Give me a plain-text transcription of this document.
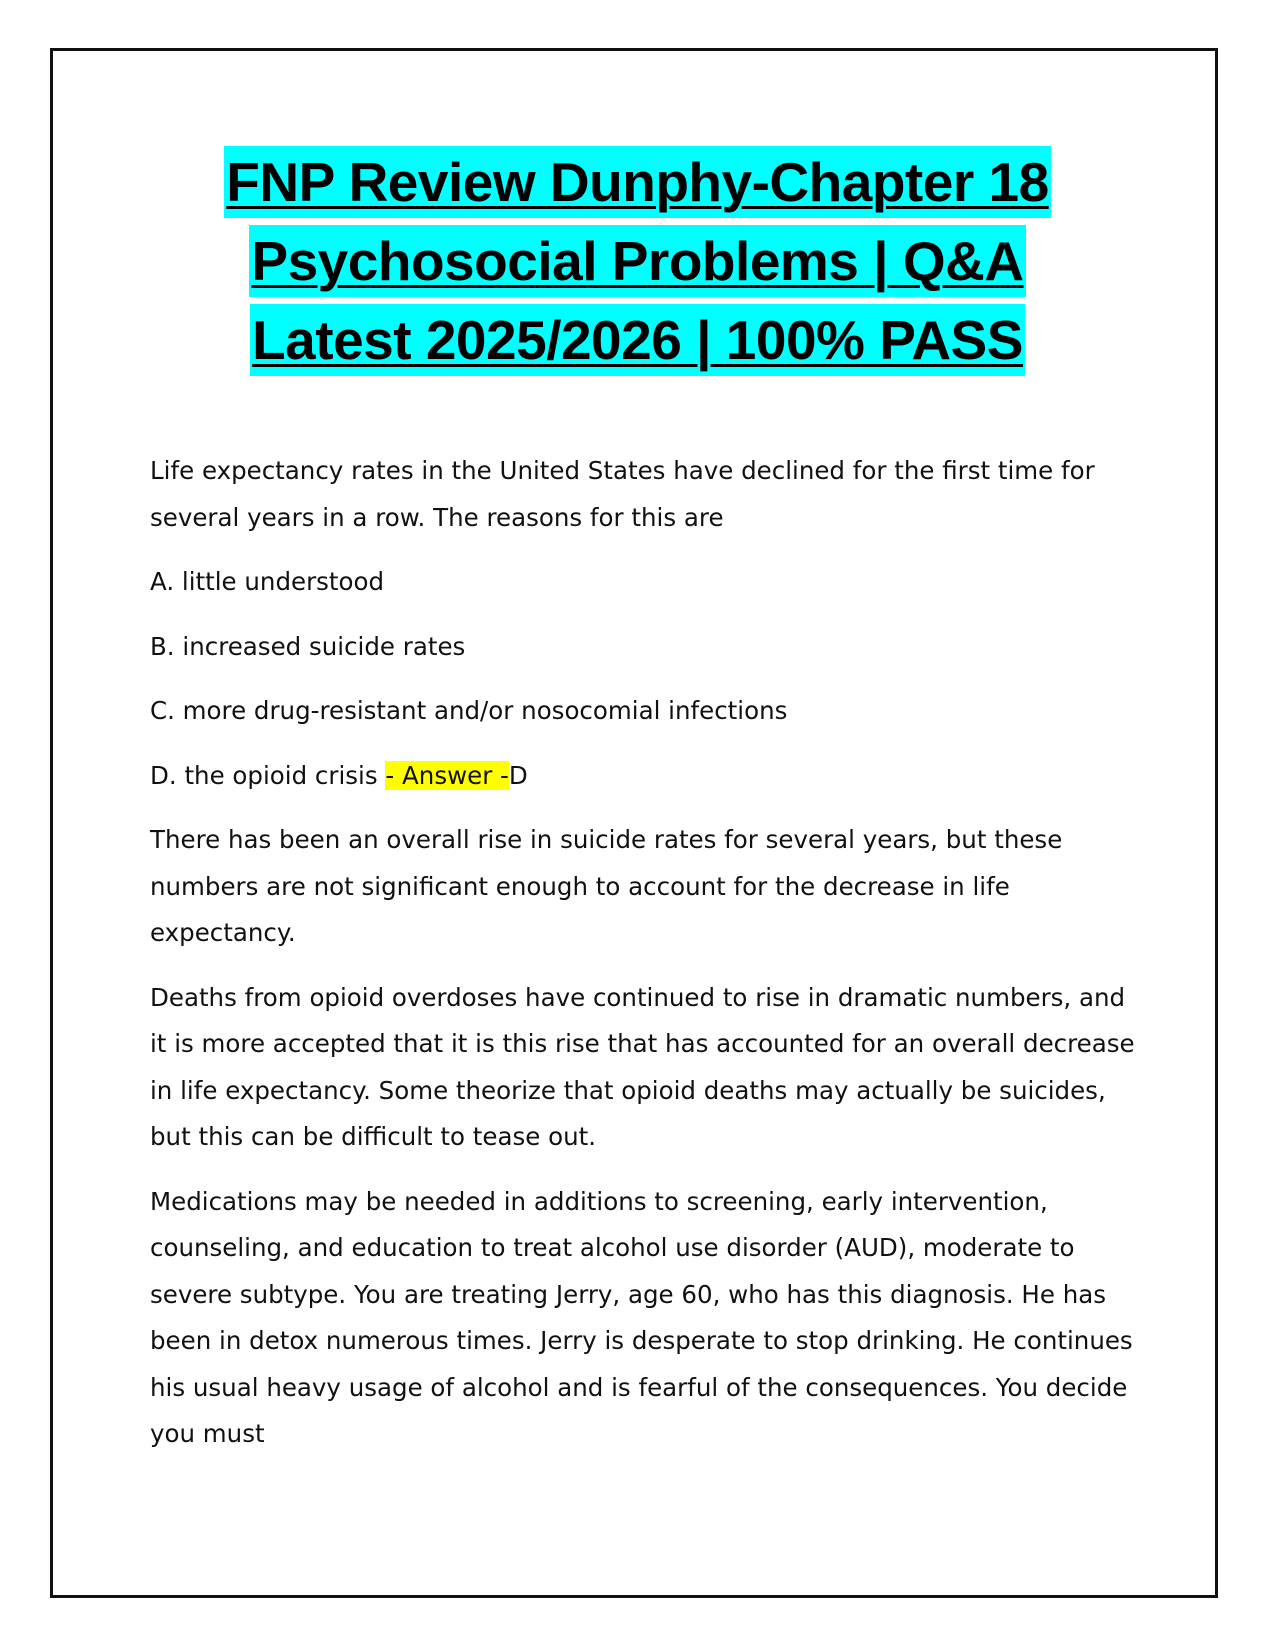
FNP Review Dunphy-Chapter 18
Psychosocial Problems | Q&A
Latest 2025/2026 | 100% PASS

Life expectancy rates in the United States have declined for the first time for several years in a row. The reasons for this are

A. little understood

B. increased suicide rates

C. more drug-resistant and/or nosocomial infections

D. the opioid crisis - Answer -D

There has been an overall rise in suicide rates for several years, but these numbers are not significant enough to account for the decrease in life expectancy.

Deaths from opioid overdoses have continued to rise in dramatic numbers, and it is more accepted that it is this rise that has accounted for an overall decrease in life expectancy. Some theorize that opioid deaths may actually be suicides, but this can be difficult to tease out.

Medications may be needed in additions to screening, early intervention, counseling, and education to treat alcohol use disorder (AUD), moderate to severe subtype. You are treating Jerry, age 60, who has this diagnosis. He has been in detox numerous times. Jerry is desperate to stop drinking. He continues his usual heavy usage of alcohol and is fearful of the consequences. You decide you must
